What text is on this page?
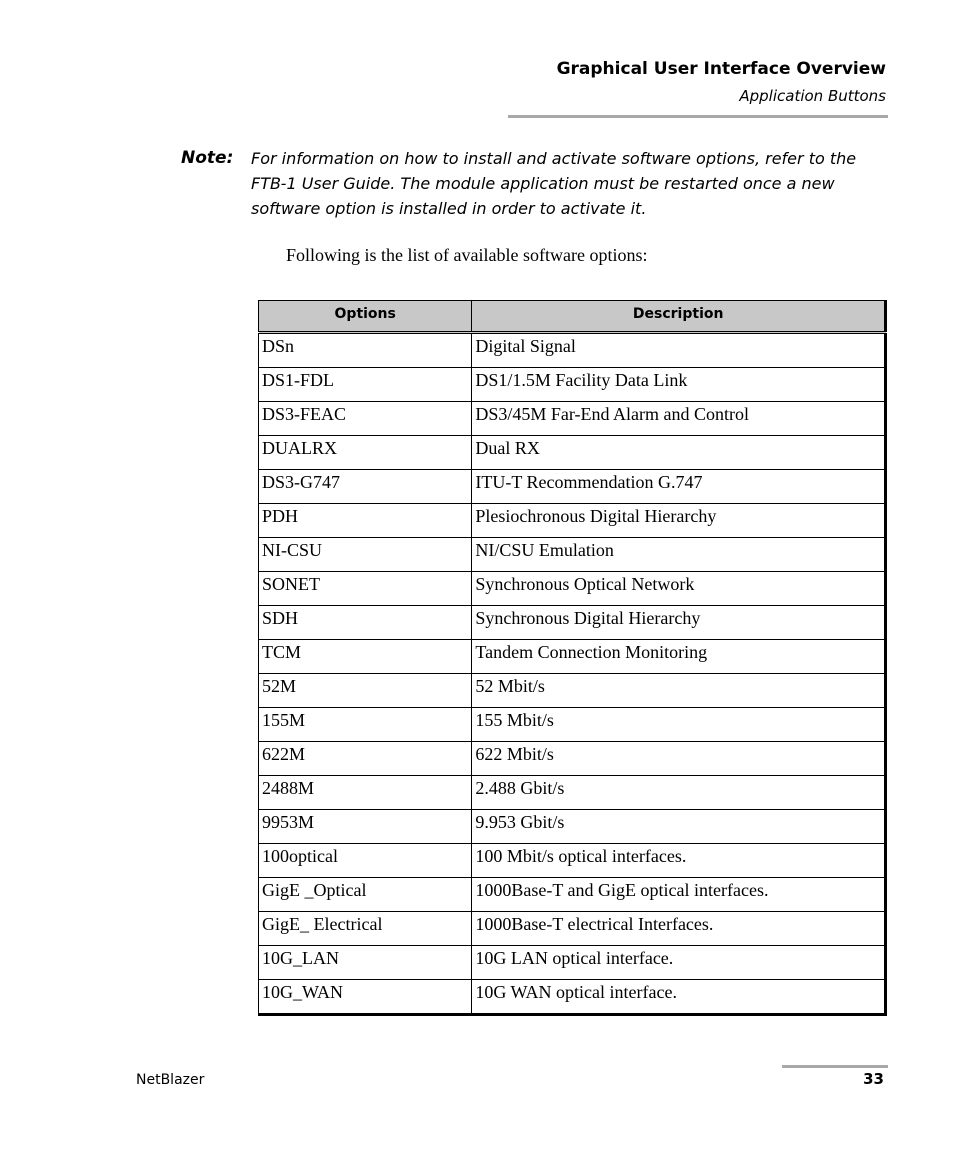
Graphical User Interface Overview
Application Buttons
Note: For information on how to install and activate software options, refer to the FTB-1 User Guide. The module application must be restarted once a new software option is installed in order to activate it.
Following is the list of available software options:
Options	Description
DSn	Digital Signal
DS1-FDL	DS1/1.5M Facility Data Link
DS3-FEAC	DS3/45M Far-End Alarm and Control
DUALRX	Dual RX
DS3-G747	ITU-T Recommendation G.747
PDH	Plesiochronous Digital Hierarchy
NI-CSU	NI/CSU Emulation
SONET	Synchronous Optical Network
SDH	Synchronous Digital Hierarchy
TCM	Tandem Connection Monitoring
52M	52 Mbit/s
155M	155 Mbit/s
622M	622 Mbit/s
2488M	2.488 Gbit/s
9953M	9.953 Gbit/s
100optical	100 Mbit/s optical interfaces.
GigE _Optical	1000Base-T and GigE optical interfaces.
GigE_ Electrical	1000Base-T electrical Interfaces.
10G_LAN	10G LAN optical interface.
10G_WAN	10G WAN optical interface.
NetBlazer	33
